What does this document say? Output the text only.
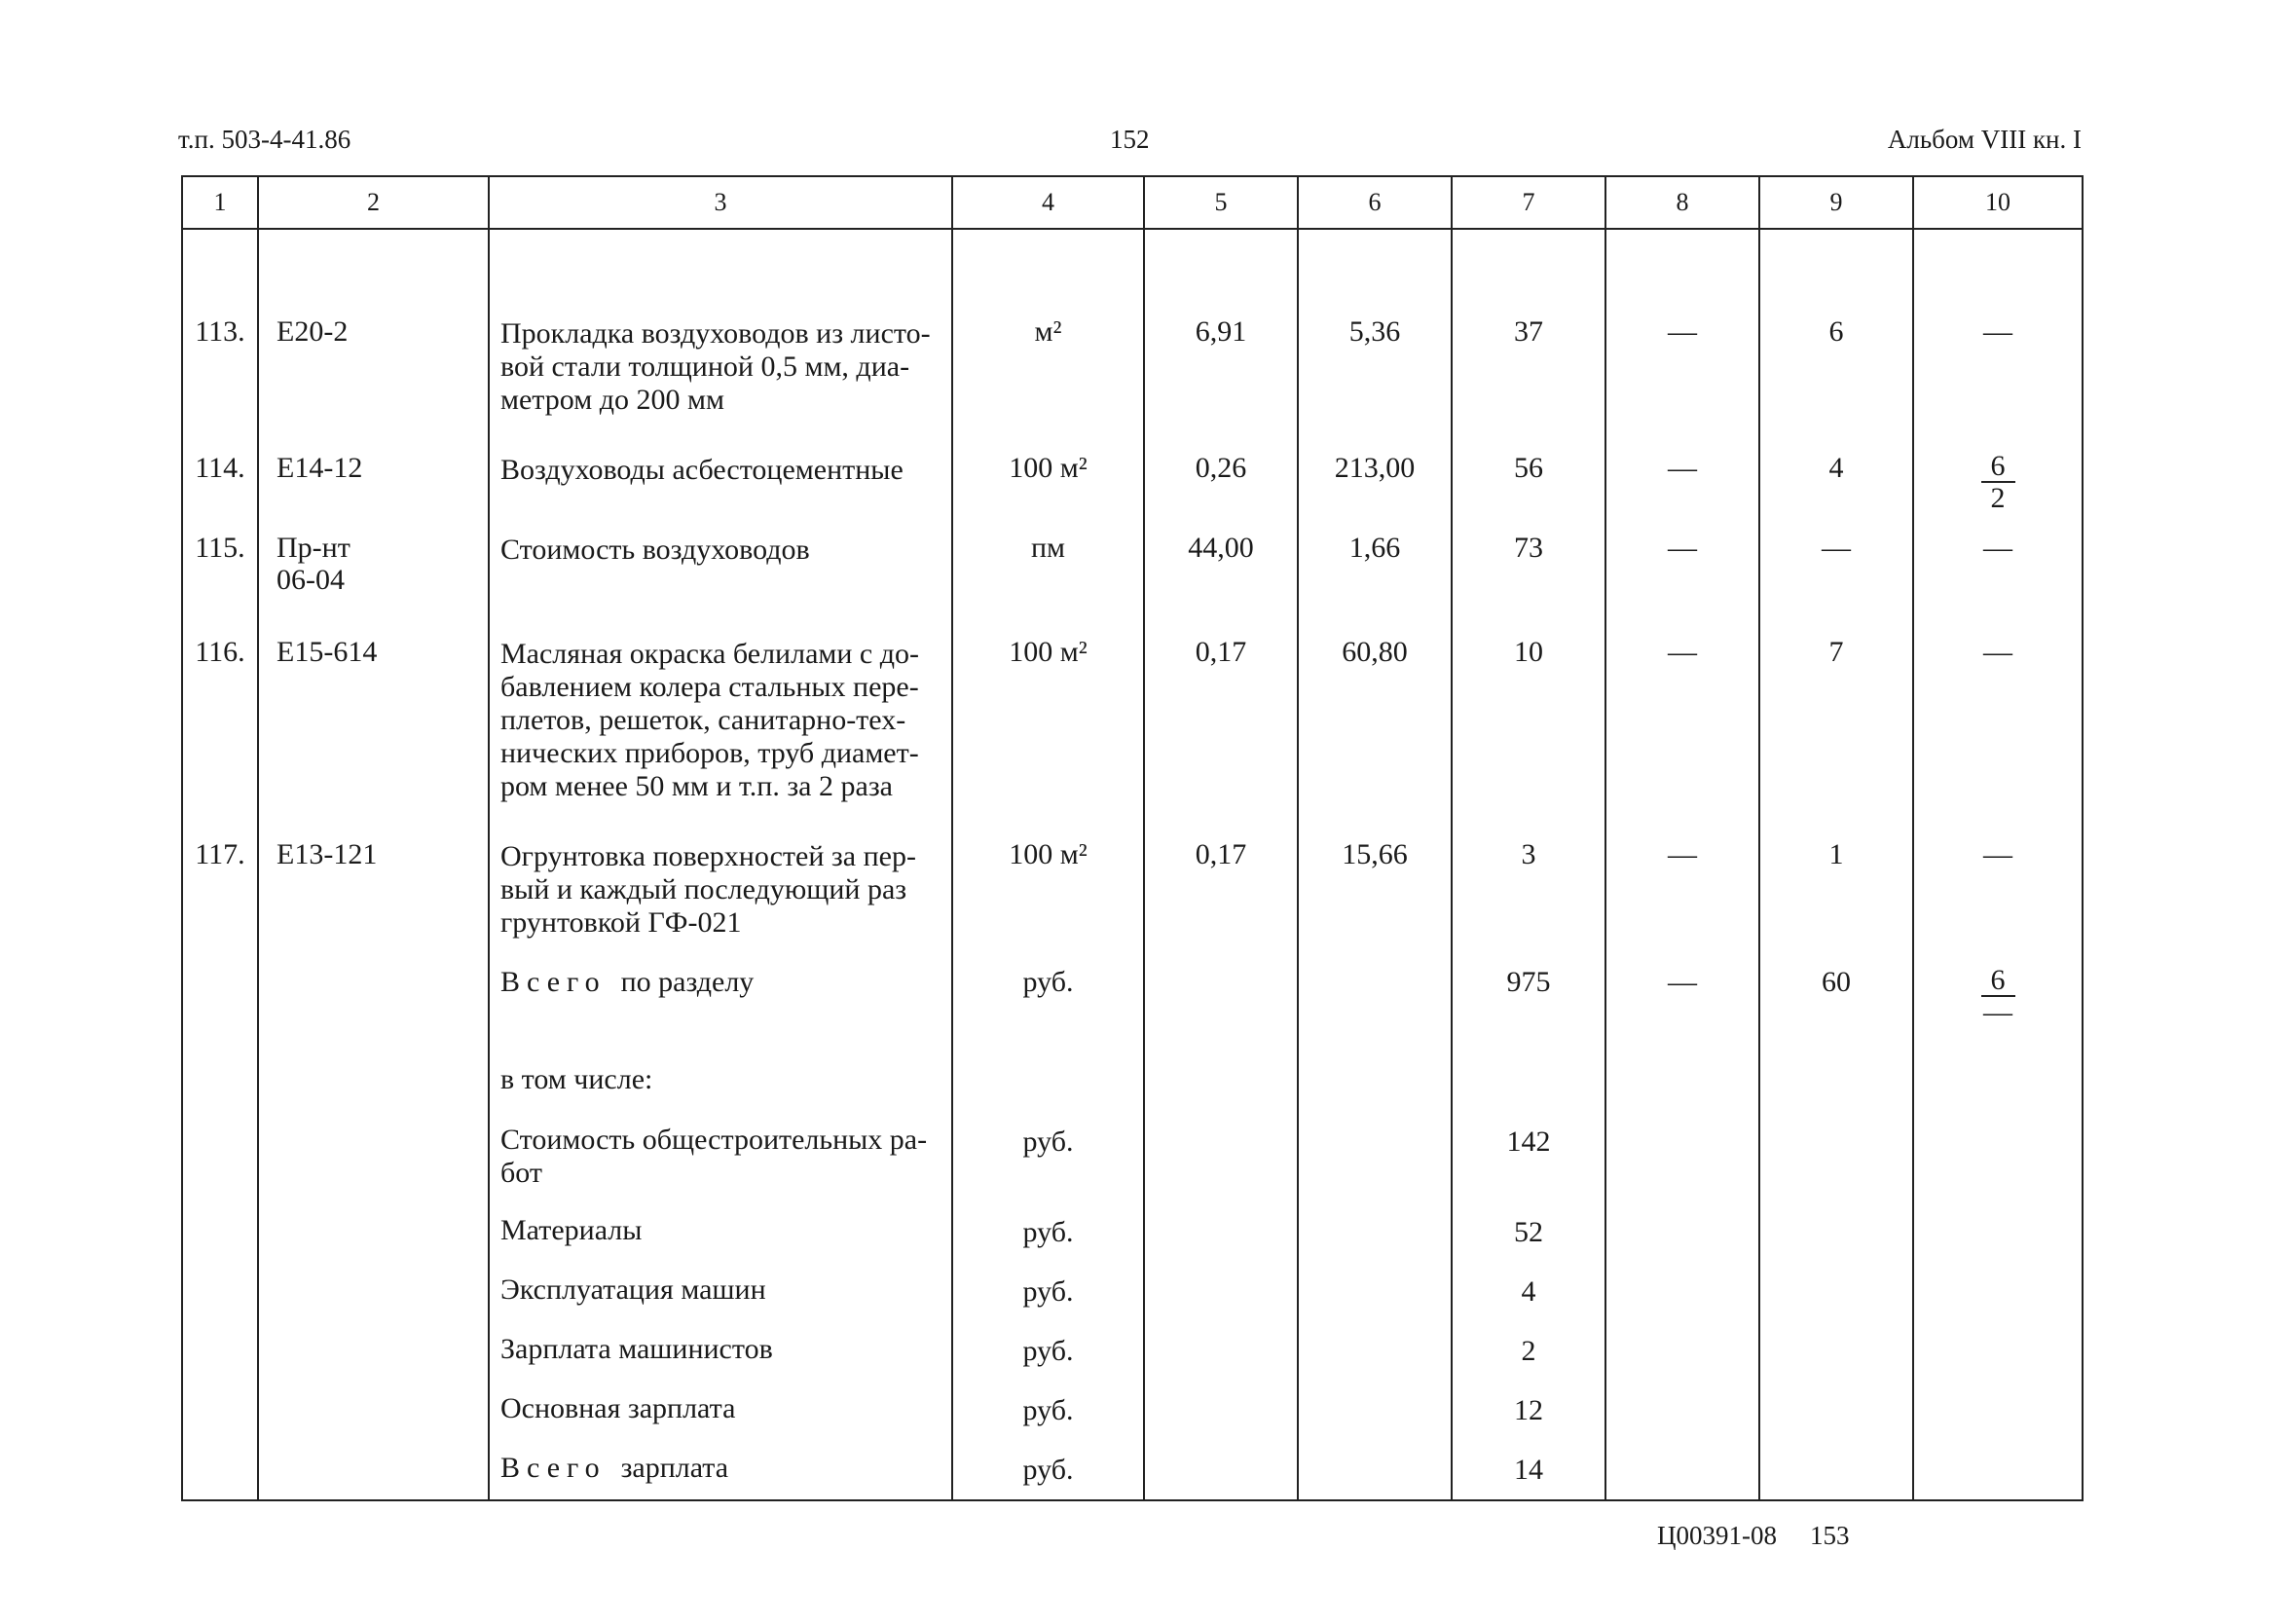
т.п. 503-4-41.86	152	Альбом VIII кн. I
1	2	3	4	5	6	7	8	9	10
113.	Е20-2	Прокладка воздуховодов из листо-
вой стали толщиной 0,5 мм, диа-
метром до 200 мм	м²	6,91	5,36	37	—	6	—

114.	Е14-12	Воздуховоды асбестоцементные	100 м²	0,26	213,00	56	—	4	$\frac{6}{2}$

115.	Пр-нт
06-04	Стоимость воздуховодов	пм	44,00	1,66	73	—	—	—

116.	Е15-614	Масляная окраска белилами с до-
бавлением колера стальных пере-
плетов, решеток, санитарно-тех-
нических приборов, труб диамет-
ром менее 50 мм и т.п. за 2 раза	100 м²	0,17	60,80	10	—	7	—

117.	Е13-121	Огрунтовка поверхностей за пер-
вый и каждый последующий раз
грунтовкой ГФ-021	100 м²	0,17	15,66	3	—	1	—

		Всего по разделу	руб.			975	—	60	$\frac{6}{—}$

		в том числе:							

		Стоимость общестроительных ра-
бот	руб.			142			

		Материалы	руб.			52			

		Эксплуатация машин	руб.			4			

		Зарплата машинистов	руб.			2			

		Основная зарплата	руб.			12			

		Всего зарплата	руб.			14			

Ц00391-08 153
